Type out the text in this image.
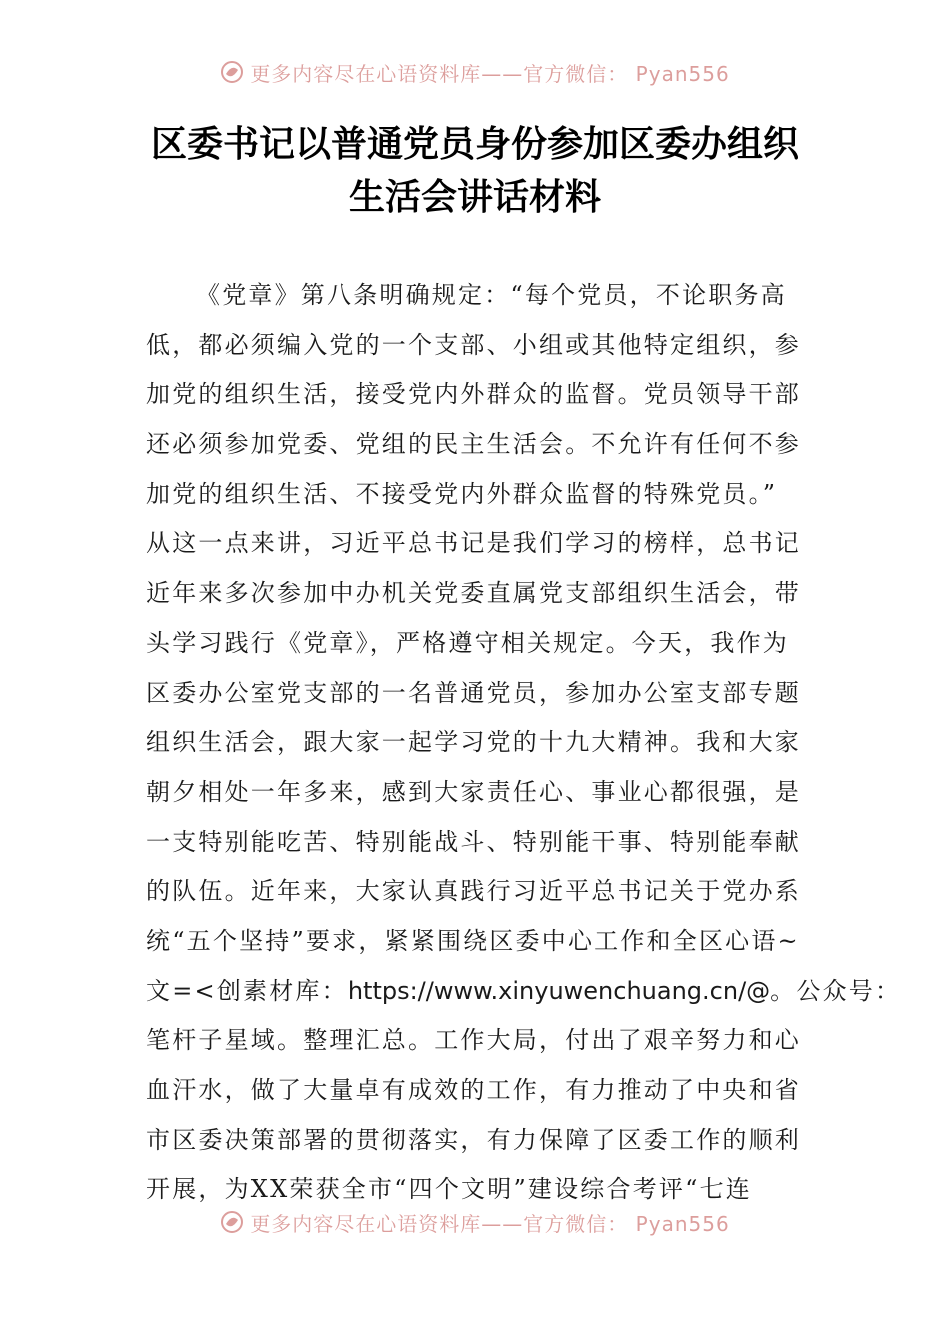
更多内容尽在心语资料库——官方微信： Pyan556
区委书记以普通党员身份参加区委办组织
生活会讲话材料
《党章》第八条明确规定：“每个党员，不论职务高
低，都必须编入党的一个支部、小组或其他特定组织，参
加党的组织生活，接受党内外群众的监督。党员领导干部
还必须参加党委、党组的民主生活会。不允许有任何不参
加党的组织生活、不接受党内外群众监督的特殊党员。”
从这一点来讲，习近平总书记是我们学习的榜样，总书记
近年来多次参加中办机关党委直属党支部组织生活会，带
头学习践行《党章》，严格遵守相关规定。今天，我作为
区委办公室党支部的一名普通党员，参加办公室支部专题
组织生活会，跟大家一起学习党的十九大精神。我和大家
朝夕相处一年多来，感到大家责任心、事业心都很强，是
一支特别能吃苦、特别能战斗、特别能干事、特别能奉献
的队伍。近年来，大家认真践行习近平总书记关于党办系
统“五个坚持”要求，紧紧围绕区委中心工作和全区心语~
文=<创素材库：https://www.xinyuwenchuang.cn/@。公众号：
笔杆子星域。整理汇总。工作大局，付出了艰辛努力和心
血汗水，做了大量卓有成效的工作，有力推动了中央和省
市区委决策部署的贯彻落实，有力保障了区委工作的顺利
开展，为XX荣获全市“四个文明”建设综合考评“七连
更多内容尽在心语资料库——官方微信： Pyan556
